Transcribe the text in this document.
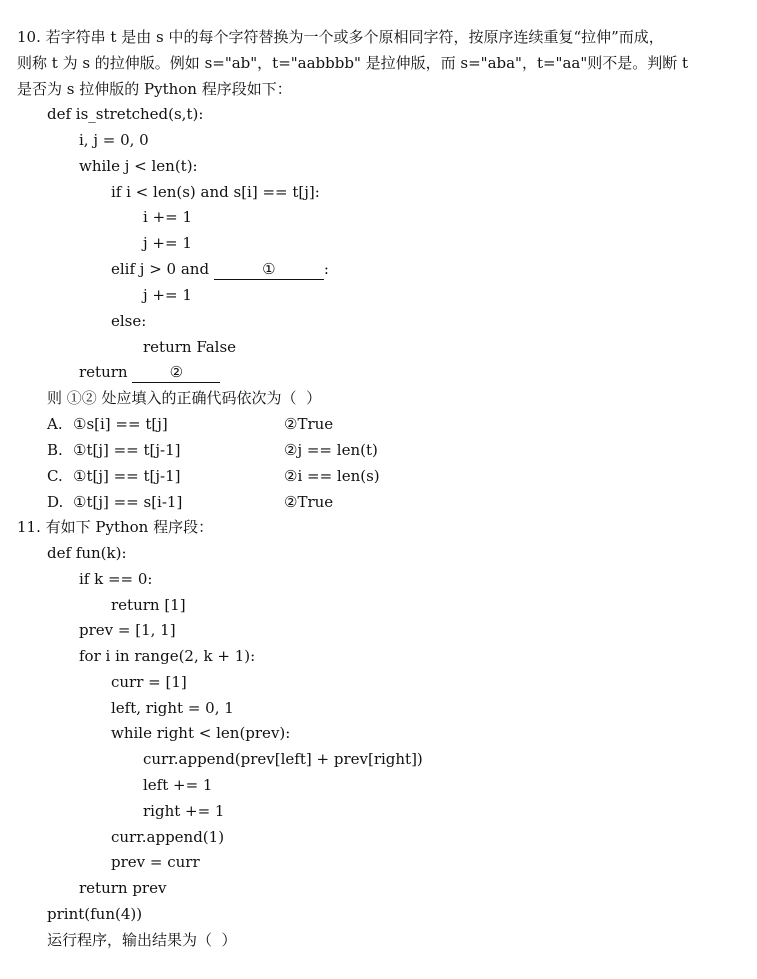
10. 若字符串 t 是由 s 中的每个字符替换为一个或多个原相同字符，按原序连续重复“拉伸”而成，
则称 t 为 s 的拉伸版。例如 s="ab"，t="aabbbb" 是拉伸版，而 s="aba"，t="aa"则不是。判断 t
是否为 s 拉伸版的 Python 程序段如下：
def is_stretched(s,t):
i, j = 0, 0
while j < len(t):
if i < len(s) and s[i] == t[j]:
i += 1
j += 1
elif j > 0 and	①	:
j += 1
else:
return False
return ②
则 ①② 处应填入的正确代码依次为（  ）
A. ①s[i] == t[j]	②True
B. ①t[j] == t[j-1]	②j == len(t)
C. ①t[j] == t[j-1]	②i == len(s)
D. ①t[j] == s[i-1]	②True
11. 有如下 Python 程序段：
def fun(k):
if k == 0:
return [1]
prev = [1, 1]
for i in range(2, k + 1):
curr = [1]
left, right = 0, 1
while right < len(prev):
curr.append(prev[left] + prev[right])
left += 1
right += 1
curr.append(1)
prev = curr
return prev
print(fun(4))
运行程序，输出结果为（  ）
